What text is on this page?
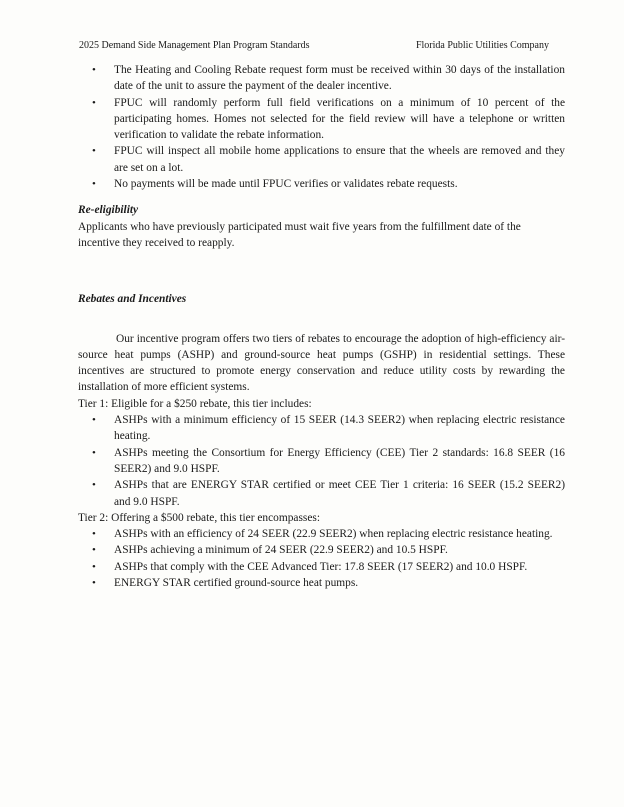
2025 Demand Side Management Plan Program Standards	Florida Public Utilities Company
• The Heating and Cooling Rebate request form must be received within 30 days of the installation date of the unit to assure the payment of the dealer incentive.
• FPUC will randomly perform full field verifications on a minimum of 10 percent of the participating homes. Homes not selected for the field review will have a telephone or written verification to validate the rebate information.
• FPUC will inspect all mobile home applications to ensure that the wheels are removed and they are set on a lot.
• No payments will be made until FPUC verifies or validates rebate requests.
Re-eligibility
Applicants who have previously participated must wait five years from the fulfillment date of the incentive they received to reapply.
Rebates and Incentives
Our incentive program offers two tiers of rebates to encourage the adoption of high-efficiency air-source heat pumps (ASHP) and ground-source heat pumps (GSHP) in residential settings. These incentives are structured to promote energy conservation and reduce utility costs by rewarding the installation of more efficient systems.
Tier 1: Eligible for a $250 rebate, this tier includes:
• ASHPs with a minimum efficiency of 15 SEER (14.3 SEER2) when replacing electric resistance heating.
• ASHPs meeting the Consortium for Energy Efficiency (CEE) Tier 2 standards: 16.8 SEER (16 SEER2) and 9.0 HSPF.
• ASHPs that are ENERGY STAR certified or meet CEE Tier 1 criteria: 16 SEER (15.2 SEER2) and 9.0 HSPF.
Tier 2: Offering a $500 rebate, this tier encompasses:
• ASHPs with an efficiency of 24 SEER (22.9 SEER2) when replacing electric resistance heating.
• ASHPs achieving a minimum of 24 SEER (22.9 SEER2) and 10.5 HSPF.
• ASHPs that comply with the CEE Advanced Tier: 17.8 SEER (17 SEER2) and 10.0 HSPF.
• ENERGY STAR certified ground-source heat pumps.
